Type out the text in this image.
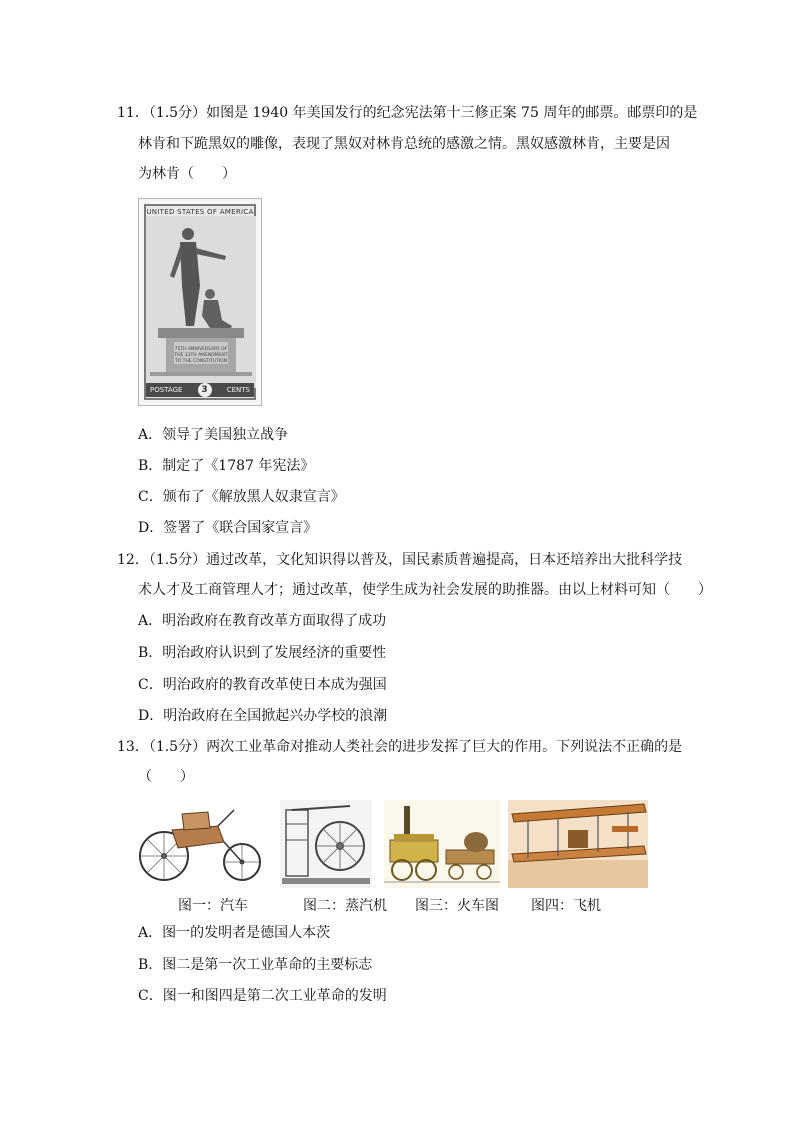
11．（1.5分）如图是 1940 年美国发行的纪念宪法第十三修正案 75 周年的邮票。邮票印的是
林肯和下跪黑奴的雕像，表现了黑奴对林肯总统的感激之情。黑奴感激林肯，主要是因
为林肯（　　）
UNITED STATES OF AMERICA
75TH ANNIVERSARY OF
THE 13TH AMENDMENT
TO THE CONSTITUTION
POSTAGE	3	CENTS
A．领导了美国独立战争
B．制定了《1787 年宪法》
C．颁布了《解放黑人奴隶宣言》
D．签署了《联合国家宣言》
12．（1.5分）通过改革，文化知识得以普及，国民素质普遍提高，日本还培养出大批科学技
术人才及工商管理人才；通过改革，使学生成为社会发展的助推器。由以上材料可知（　　）
A．明治政府在教育改革方面取得了成功
B．明治政府认识到了发展经济的重要性
C．明治政府的教育改革使日本成为强国
D．明治政府在全国掀起兴办学校的浪潮
13．（1.5分）两次工业革命对推动人类社会的进步发挥了巨大的作用。下列说法不正确的是
（　　）
图一：汽车	图二：蒸汽机 图三：火车图 图四：飞机
A．图一的发明者是德国人本茨
B．图二是第一次工业革命的主要标志
C．图一和图四是第二次工业革命的发明
